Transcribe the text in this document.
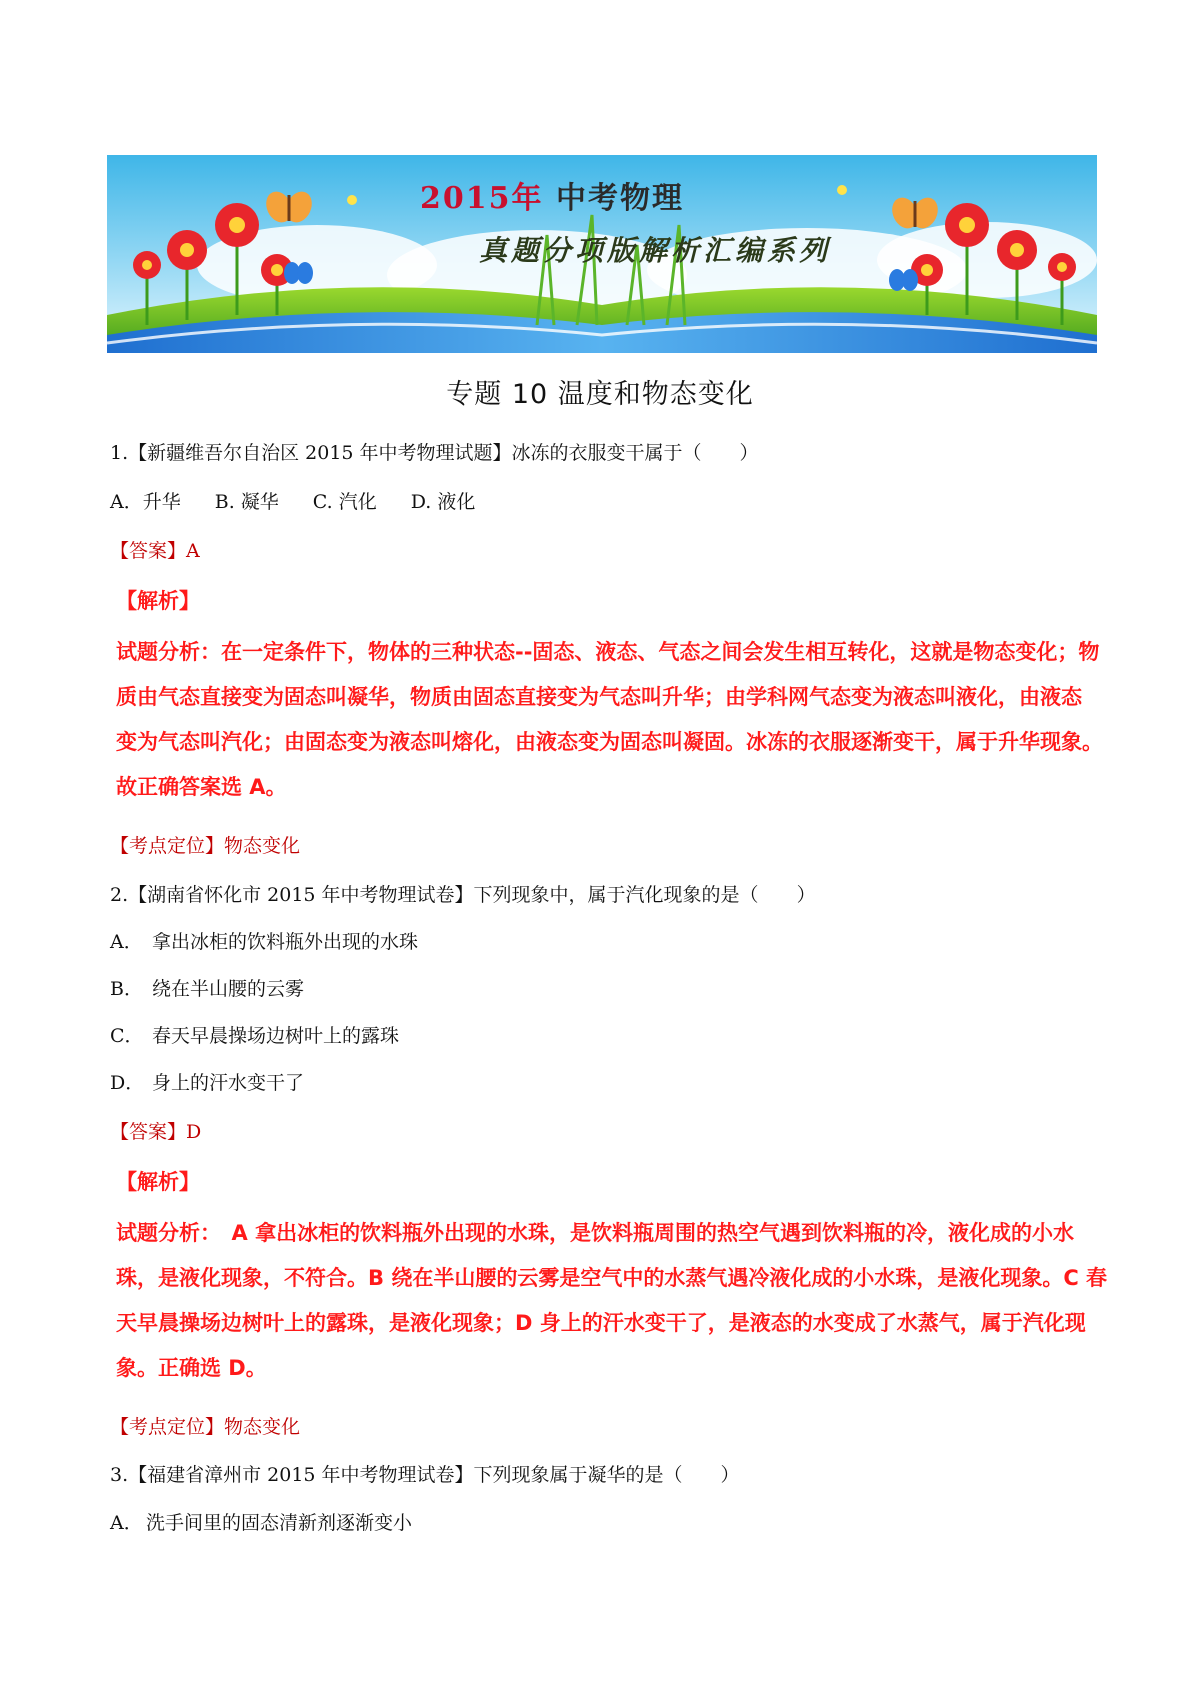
2015年 中考物理
真题分项版解析汇编系列
专题 10 温度和物态变化
1.【新疆维吾尔自治区 2015 年中考物理试题】冰冻的衣服变干属于（　　）
A．升华 B. 凝华 C. 汽化 D. 液化
【答案】A
【解析】
试题分析：在一定条件下，物体的三种状态--固态、液态、气态之间会发生相互转化，这就是物态变化；物
质由气态直接变为固态叫凝华，物质由固态直接变为气态叫升华；由学科网气态变为液态叫液化，由液态
变为气态叫汽化；由固态变为液态叫熔化，由液态变为固态叫凝固。冰冻的衣服逐渐变干，属于升华现象。
故正确答案选 A。
【考点定位】物态变化
2.【湖南省怀化市 2015 年中考物理试卷】下列现象中，属于汽化现象的是（　　）
A． 拿出冰柜的饮料瓶外出现的水珠
B． 绕在半山腰的云雾
C． 春天早晨操场边树叶上的露珠
D． 身上的汗水变干了
【答案】D
【解析】
试题分析：　A 拿出冰柜的饮料瓶外出现的水珠，是饮料瓶周围的热空气遇到饮料瓶的冷，液化成的小水
珠，是液化现象，不符合。B 绕在半山腰的云雾是空气中的水蒸气遇冷液化成的小水珠，是液化现象。C 春
天早晨操场边树叶上的露珠，是液化现象；D 身上的汗水变干了，是液态的水变成了水蒸气，属于汽化现
象。正确选 D。
【考点定位】物态变化
3.【福建省漳州市 2015 年中考物理试卷】下列现象属于凝华的是（　　）
A． 洗手间里的固态清新剂逐渐变小
